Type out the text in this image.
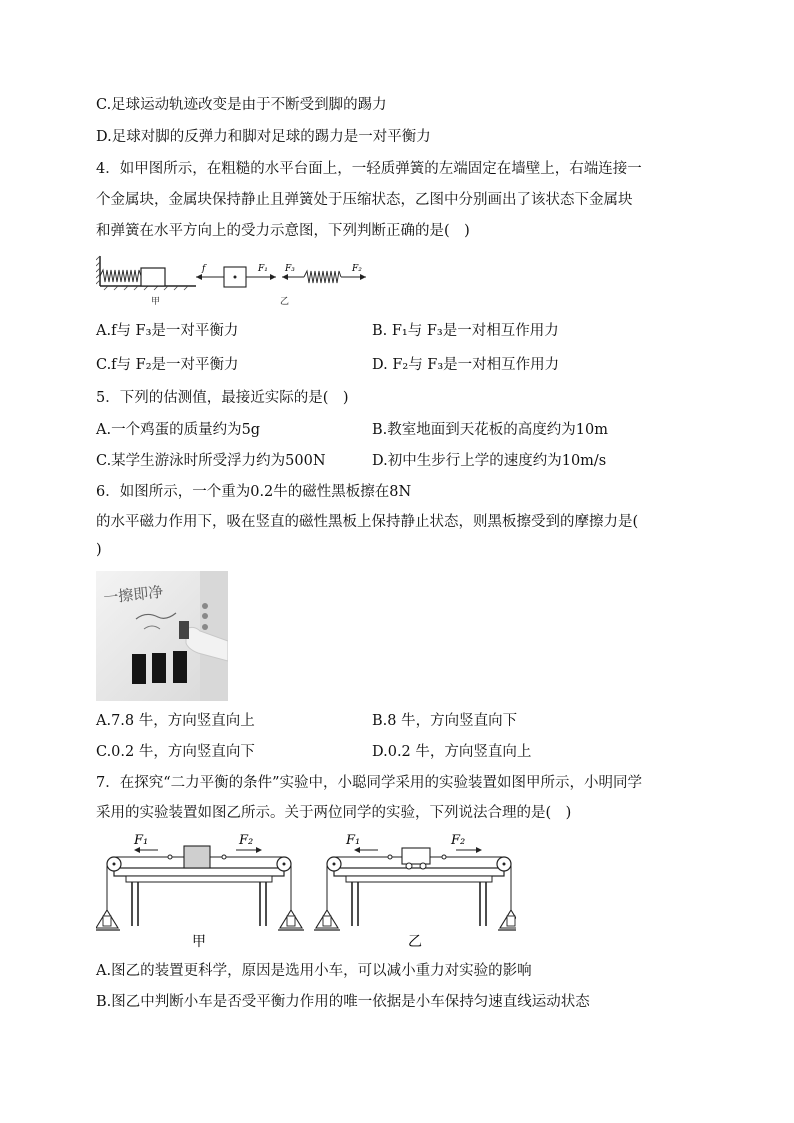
C.足球运动轨迹改变是由于不断受到脚的踢力
D.足球对脚的反弹力和脚对足球的踢力是一对平衡力
4．如甲图所示，在粗糙的水平台面上，一轻质弹簧的左端固定在墙壁上，右端连接一
个金属块，金属块保持静止且弹簧处于压缩状态，乙图中分别画出了该状态下金属块
和弹簧在水平方向上的受力示意图，下列判断正确的是(　)
甲
f	F₁ F₃	F₂
乙
A.f与 F₃是一对平衡力	B. F₁与 F₃是一对相互作用力
C.f与 F₂是一对平衡力	D. F₂与 F₃是一对相互作用力
5．下列的估测值，最接近实际的是(　)
A.一个鸡蛋的质量约为5g	B.教室地面到天花板的高度约为10m
C.某学生游泳时所受浮力约为500N	D.初中生步行上学的速度约为10m/s
6．如图所示，一个重为0.2牛的磁性黑板擦在8N
的水平磁力作用下，吸在竖直的磁性黑板上保持静止状态，则黑板擦受到的摩擦力是(
)
一擦即净
A.7.8 牛，方向竖直向上	B.8 牛，方向竖直向下
C.0.2 牛，方向竖直向下	D.0.2 牛，方向竖直向上
7．在探究“二力平衡的条件”实验中，小聪同学采用的实验装置如图甲所示，小明同学
采用的实验装置如图乙所示。关于两位同学的实验，下列说法合理的是(　)
F₁	F₂
甲
F₁	F₂
乙
A.图乙的装置更科学，原因是选用小车，可以减小重力对实验的影响
B.图乙中判断小车是否受平衡力作用的唯一依据是小车保持匀速直线运动状态
